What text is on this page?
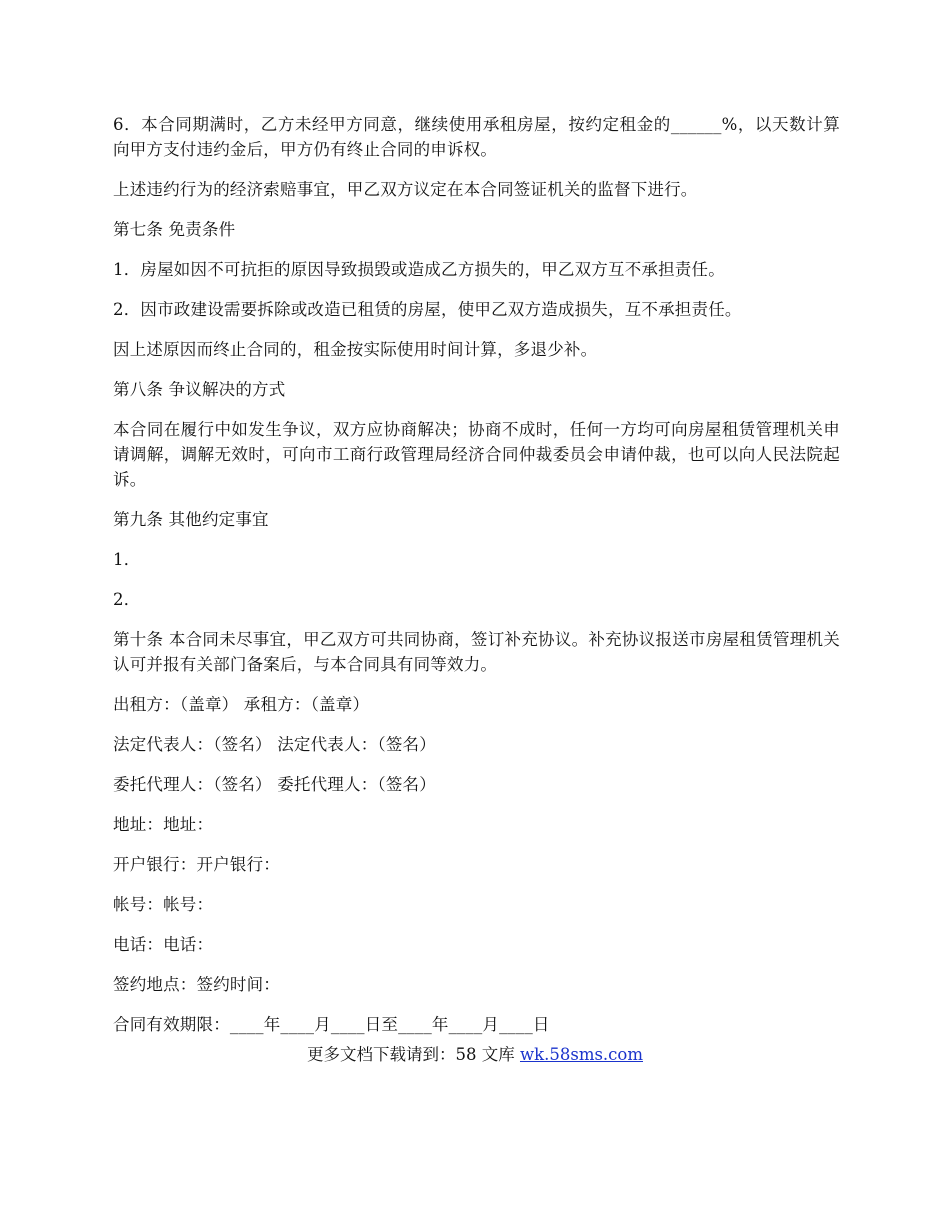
6．本合同期满时，乙方未经甲方同意，继续使用承租房屋，按约定租金的______%，以天数计算向甲方支付违约金后，甲方仍有终止合同的申诉权。

上述违约行为的经济索赔事宜，甲乙双方议定在本合同签证机关的监督下进行。

第七条 免责条件

1．房屋如因不可抗拒的原因导致损毁或造成乙方损失的，甲乙双方互不承担责任。

2．因市政建设需要拆除或改造已租赁的房屋，使甲乙双方造成损失，互不承担责任。

因上述原因而终止合同的，租金按实际使用时间计算，多退少补。

第八条 争议解决的方式

本合同在履行中如发生争议，双方应协商解决；协商不成时，任何一方均可向房屋租赁管理机关申请调解，调解无效时，可向市工商行政管理局经济合同仲裁委员会申请仲裁，也可以向人民法院起诉。

第九条 其他约定事宜

1．

2．

第十条 本合同未尽事宜，甲乙双方可共同协商，签订补充协议。补充协议报送市房屋租赁管理机关认可并报有关部门备案后，与本合同具有同等效力。

出租方：（盖章） 承租方：（盖章）

法定代表人：（签名） 法定代表人：（签名）

委托代理人：（签名） 委托代理人：（签名）

地址：地址：

开户银行：开户银行：

帐号：帐号：

电话：电话：

签约地点：签约时间：

合同有效期限：____年____月____日至____年____月____日

更多文档下载请到：58 文库 wk.58sms.com
